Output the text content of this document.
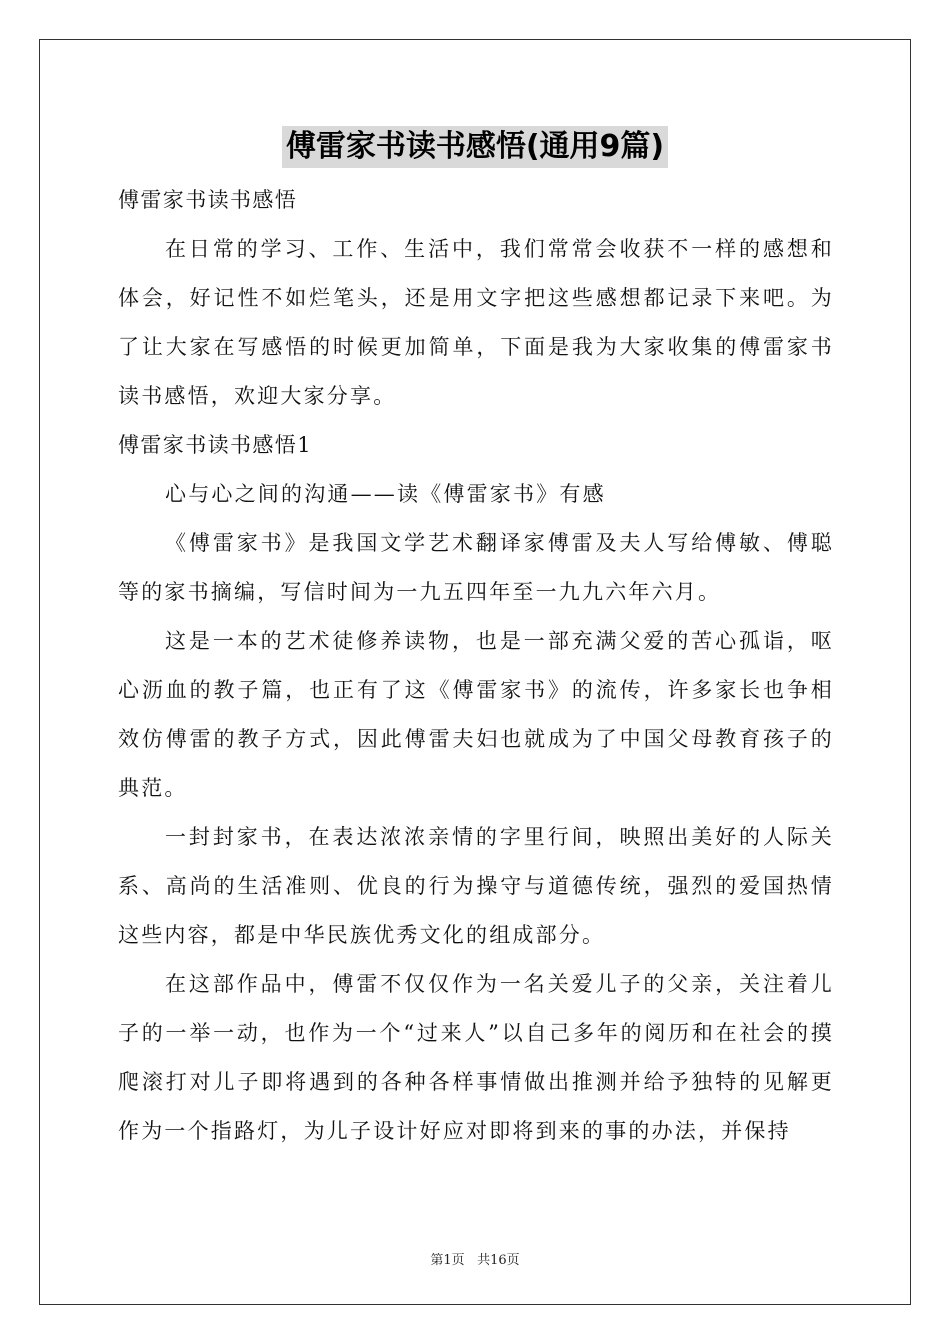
傅雷家书读书感悟(通用9篇)

傅雷家书读书感悟

在日常的学习、工作、生活中，我们常常会收获不一样的感想和体会，好记性不如烂笔头，还是用文字把这些感想都记录下来吧。为了让大家在写感悟的时候更加简单，下面是我为大家收集的傅雷家书读书感悟，欢迎大家分享。

傅雷家书读书感悟1

心与心之间的沟通——读《傅雷家书》有感

《傅雷家书》是我国文学艺术翻译家傅雷及夫人写给傅敏、傅聪等的家书摘编，写信时间为一九五四年至一九九六年六月。

这是一本的艺术徒修养读物，也是一部充满父爱的苦心孤诣，呕心沥血的教子篇，也正有了这《傅雷家书》的流传，许多家长也争相效仿傅雷的教子方式，因此傅雷夫妇也就成为了中国父母教育孩子的典范。

一封封家书，在表达浓浓亲情的字里行间，映照出美好的人际关系、高尚的生活准则、优良的行为操守与道德传统，强烈的爱国热情这些内容，都是中华民族优秀文化的组成部分。

在这部作品中，傅雷不仅仅作为一名关爱儿子的父亲，关注着儿子的一举一动，也作为一个“过来人”以自己多年的阅历和在社会的摸爬滚打对儿子即将遇到的各种各样事情做出推测并给予独特的见解更作为一个指路灯，为儿子设计好应对即将到来的事的办法，并保持

第1页 共16页
